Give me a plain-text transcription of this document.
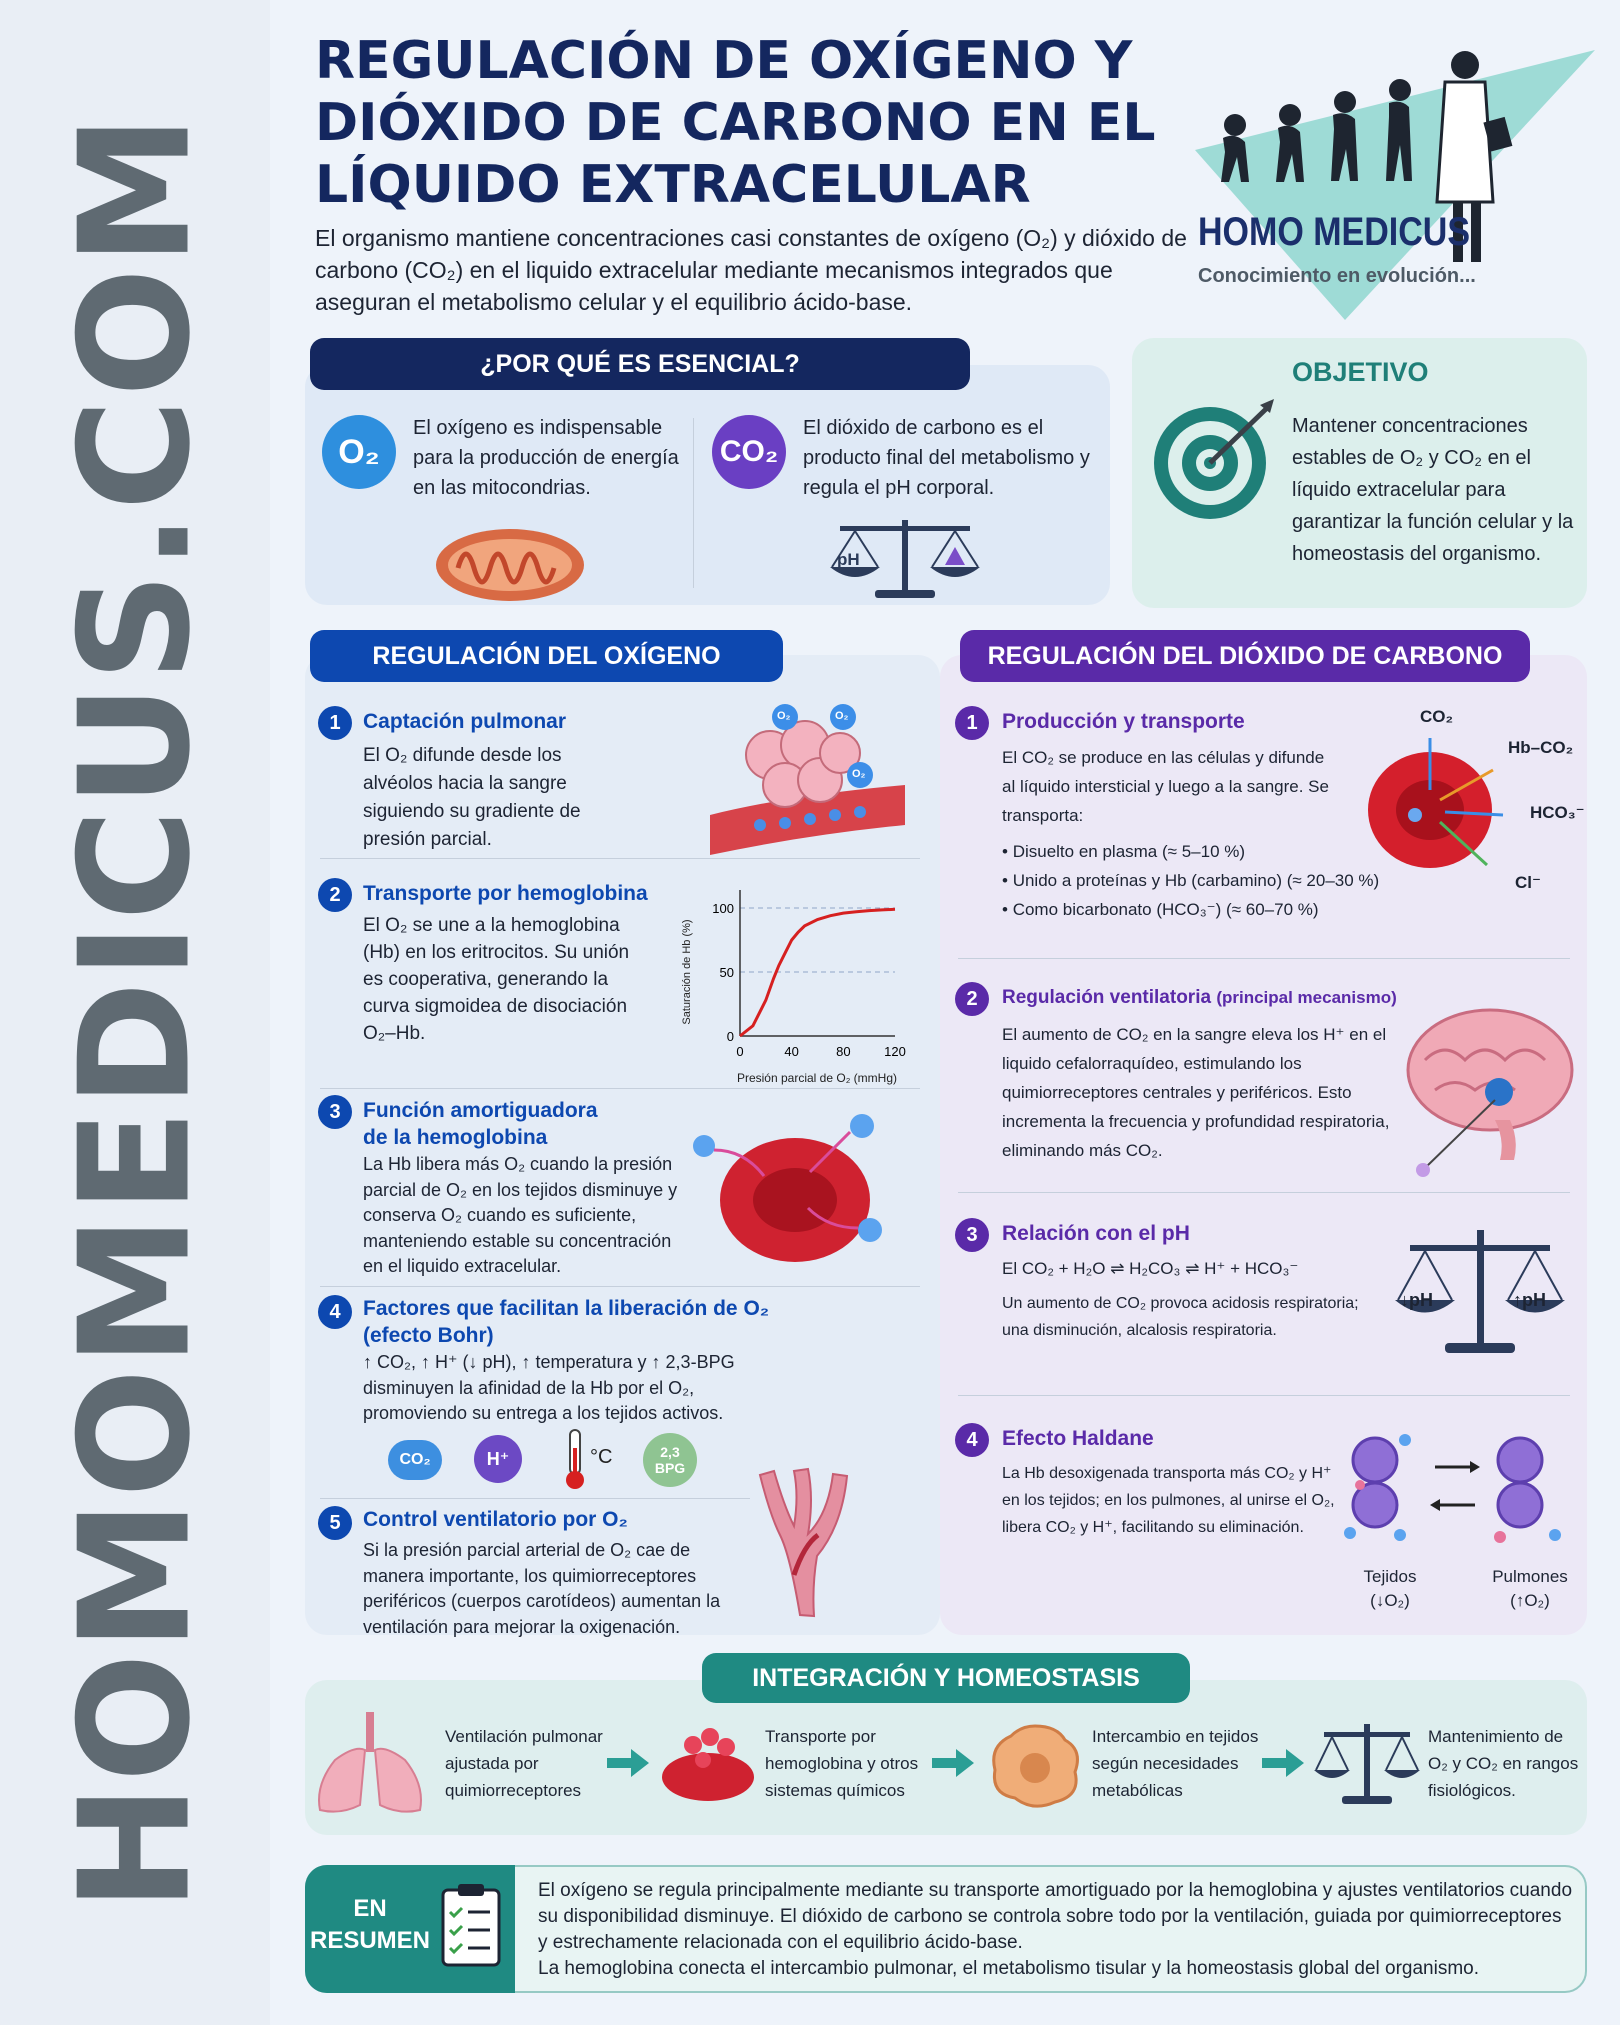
HOMOMEDICUS.COM
REGULACIÓN DE OXÍGENO Y DIÓXIDO DE CARBONO EN EL LÍQUIDO EXTRACELULAR
El organismo mantiene concentraciones casi constantes de oxígeno (O₂) y dióxido de carbono (CO₂) en el liquido extracelular mediante mecanismos integrados que aseguran el metabolismo celular y el equilibrio ácido-base.
HOMO MEDICUS
Conocimiento en evolución...
¿POR QUÉ ES ESENCIAL?
O₂
El oxígeno es indispensable para la producción de energía en las mitocondrias.
CO₂
El dióxido de carbono es el producto final del metabolismo y regula el pH corporal.
pH
OBJETIVO
Mantener concentraciones estables de O₂ y CO₂ en el líquido extracelular para garantizar la función celular y la homeostasis del organismo.
REGULACIÓN DEL OXÍGENO
1	Captación pulmonar
El O₂ difunde desde los alvéolos hacia la sangre siguiendo su gradiente de presión parcial.
O₂	O₂
O₂
2	Transporte por hemoglobina
El O₂ se une a la hemoglobina (Hb) en los eritrocitos. Su unión es cooperativa, generando la curva sigmoidea de disociación O₂–Hb.
0	40	80	120
0
50
100
Presión parcial de O₂ (mmHg)
Saturación de Hb (%)
3	Función amortiguadora de la hemoglobina
La Hb libera más O₂ cuando la presión parcial de O₂ en los tejidos disminuye y conserva O₂ cuando es suficiente, manteniendo estable su concentración en el liquido extracelular.
4	Factores que facilitan la liberación de O₂ (efecto Bohr)
↑ CO₂, ↑ H⁺ (↓ pH), ↑ temperatura y ↑ 2,3-BPG disminuyen la afinidad de la Hb por el O₂, promoviendo su entrega a los tejidos activos.
CO₂	H⁺	°C	2,3
BPG
5	Control ventilatorio por O₂
Si la presión parcial arterial de O₂ cae de manera importante, los quimiorreceptores periféricos (cuerpos carotídeos) aumentan la ventilación para mejorar la oxigenación.
REGULACIÓN DEL DIÓXIDO DE CARBONO
1	Producción y transporte
El CO₂ se produce en las células y difunde al líquido intersticial y luego a la sangre. Se transporta:
• Disuelto en plasma (≈ 5–10 %)
• Unido a proteínas y Hb (carbamino) (≈ 20–30 %)
• Como bicarbonato (HCO₃⁻) (≈ 60–70 %)
CO₂
Hb–CO₂
HCO₃⁻
Cl⁻
2	Regulación ventilatoria (principal mecanismo)
El aumento de CO₂ en la sangre eleva los H⁺ en el liquido cefalorraquídeo, estimulando los quimiorreceptores centrales y periféricos. Esto incrementa la frecuencia y profundidad respiratoria, eliminando más CO₂.
3	Relación con el pH
El CO₂ + H₂O ⇌ H₂CO₃ ⇌ H⁺ + HCO₃⁻
Un aumento de CO₂ provoca acidosis respiratoria; una disminución, alcalosis respiratoria.
↓pH	↑pH
4	Efecto Haldane
La Hb desoxigenada transporta más CO₂ y H⁺ en los tejidos; en los pulmones, al unirse el O₂, libera CO₂ y H⁺, facilitando su eliminación.
Tejidos
(↓O₂)
Pulmones
(↑O₂)
INTEGRACIÓN Y HOMEOSTASIS
Ventilación pulmonar ajustada por quimiorreceptores
Transporte por hemoglobina y otros sistemas químicos
Intercambio en tejidos según necesidades metabólicas
Mantenimiento de O₂ y CO₂ en rangos fisiológicos.
EN
RESUMEN
El oxígeno se regula principalmente mediante su transporte amortiguado por la hemoglobina y ajustes ventilatorios cuando su disponibilidad disminuye. El dióxido de carbono se controla sobre todo por la ventilación, guiada por quimiorreceptores y estrechamente relacionada con el equilibrio ácido-base.
La hemoglobina conecta el intercambio pulmonar, el metabolismo tisular y la homeostasis global del organismo.
